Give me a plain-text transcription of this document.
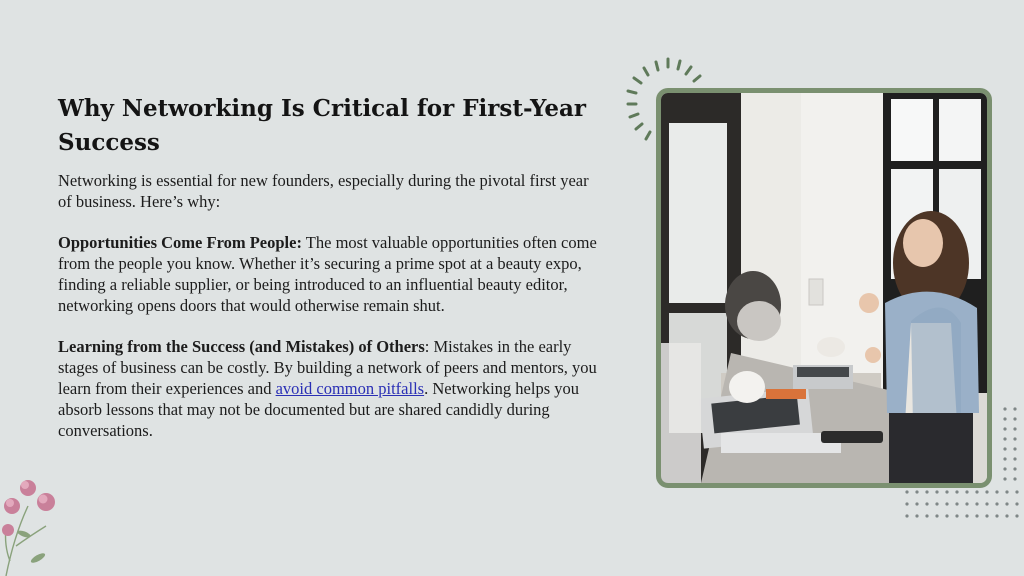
Why Networking Is Critical for First-Year Success

Networking is essential for new founders, especially during the pivotal first year of business. Here’s why:

Opportunities Come From People: The most valuable opportunities often come from the people you know. Whether it’s securing a prime spot at a beauty expo, finding a reliable supplier, or being introduced to an influential beauty editor, networking opens doors that would otherwise remain shut.

Learning from the Success (and Mistakes) of Others: Mistakes in the early stages of business can be costly. By building a network of peers and mentors, you learn from their experiences and avoid common pitfalls. Networking helps you absorb lessons that may not be documented but are shared candidly during conversations.
